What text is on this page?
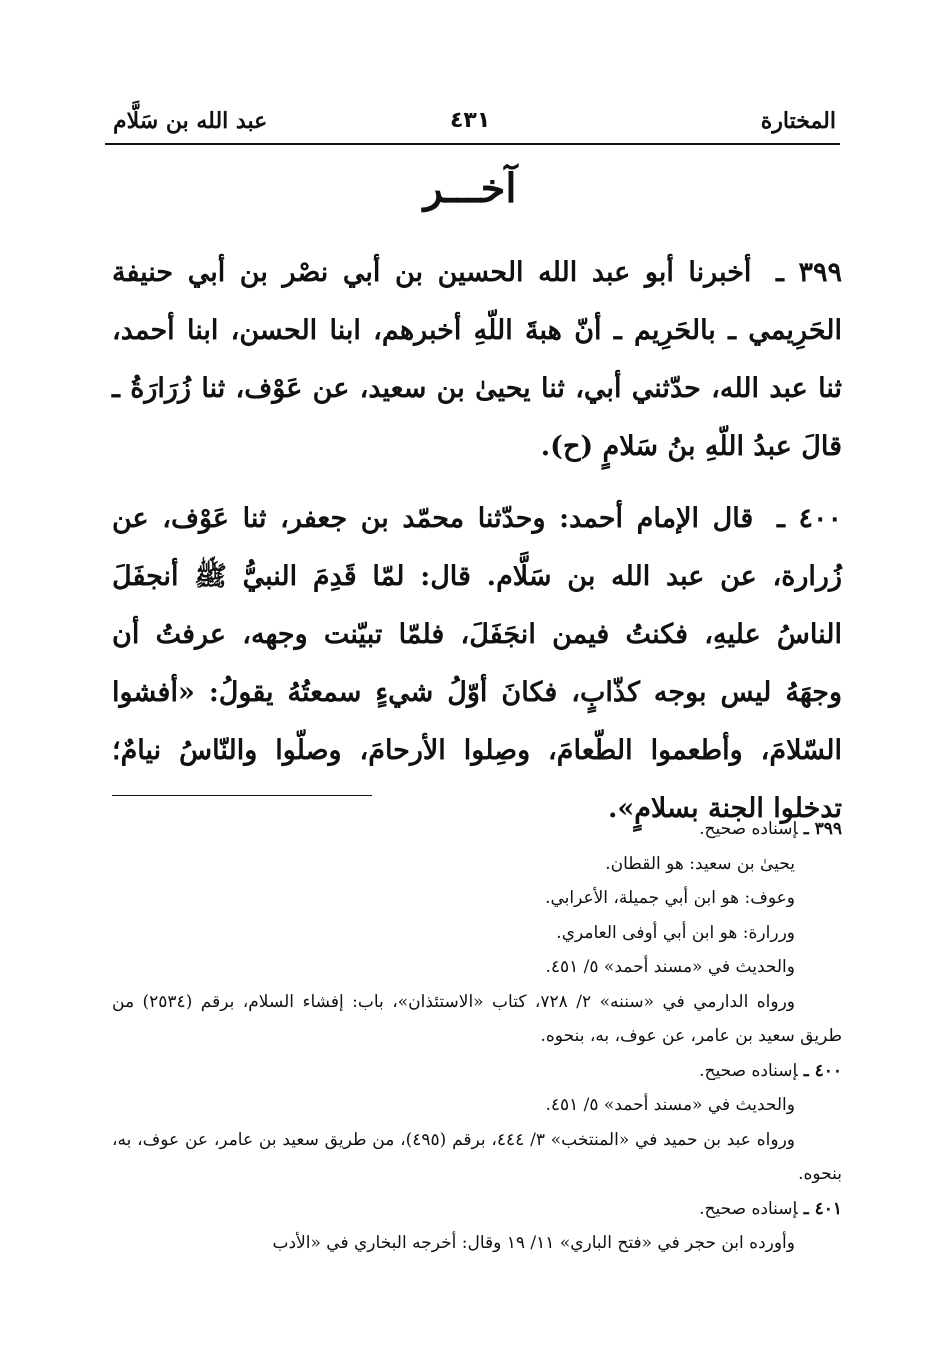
عبد الله بن سَلَّام	٤٣١	المختارة
آخـــر

٣٩٩ ـ أخبرنا أبو عبد الله الحسين بن أبي نصْر بن أبي حنيفة الحَرِيمي ـ بالحَرِيم ـ أنّ هبةَ اللّهِ أخبرهم، ابنا الحسن، ابنا أحمد، ثنا عبد الله، حدّثني أبي، ثنا يحيىٰ بن سعيد، عن عَوْف، ثنا زُرَارَةُ ـ قالَ عبدُ اللّهِ بنُ سَلامٍ (ح).

٤٠٠ ـ قال الإمام أحمد: وحدّثنا محمّد بن جعفر، ثنا عَوْف، عن زُرارة، عن عبد الله بن سَلَّام. قال: لمّا قَدِمَ النبيُّ ﷺ أنجفَلَ الناسُ عليهِ، فكنتُ فيمن انجَفَلَ، فلمّا تبيّنت وجهه، عرفتُ أن وجهَهُ ليس بوجه كذّابٍ، فكانَ أوّلُ شيءٍ سمعتُهُ يقولُ: «أفشوا السّلامَ، وأطعموا الطّعامَ، وصِلوا الأرحامَ، وصلّوا والنّاسُ نيامٌ؛ تدخلوا الجنة بسلامٍ».

٣٩٩ ـإسناده صحيح.
يحيىٰ بن سعيد: هو القطان.
وعوف: هو ابن أبي جميلة، الأعرابي.
وررارة: هو ابن أبي أوفى العامري.
والحديث في «مسند أحمد» ٥/ ٤٥١.
ورواه الدارمي في «سننه» ٢/ ٧٢٨، كتاب «الاستئذان»، باب: إفشاء السلام، برقم (٢٥٣٤) من طريق سعيد بن عامر، عن عوف، به، بنحوه.
٤٠٠ ـإسناده صحيح.
والحديث في «مسند أحمد» ٥/ ٤٥١.
ورواه عبد بن حميد في «المنتخب» ٣/ ٤٤٤، برقم (٤٩٥)، من طريق سعيد بن عامر، عن عوف، به، بنحوه.
٤٠١ ـإسناده صحيح.
وأورده ابن حجر في «فتح الباري» ١١/ ١٩ وقال: أخرجه البخاري في «الأدب
